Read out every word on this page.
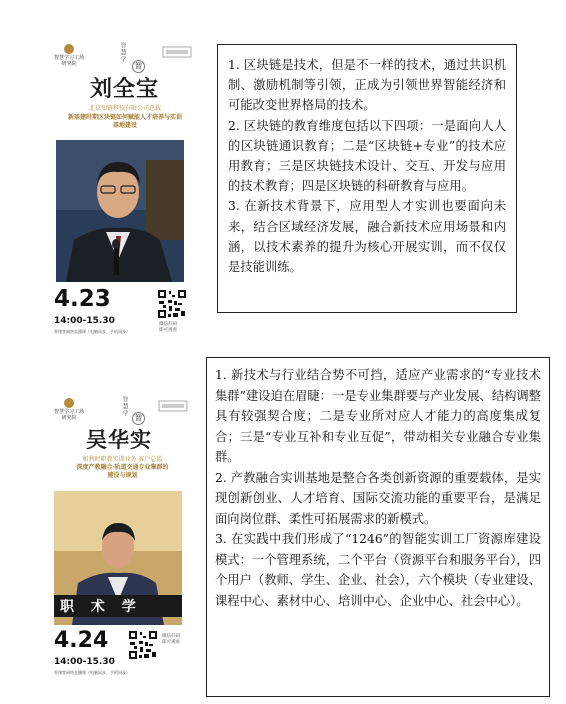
智慧学习工场研究院
智慧学
智
刘全宝
北京知链科技有限公司总裁
新基建时期区块链如何赋能人才培养与实训
基地建设
4.23
14:00-15.30
智课堂网络直播课（电脑同步，手机同步）
微信扫码
即可观看

1. 区块链是技术，但是不一样的技术，通过共识机制、激励机制等引领，正成为引领世界智能经济和可能改变世界格局的技术。

2. 区块链的教育维度包括以下四项：一是面向人人的区块链通识教育；二是“区块链+专业”的技术应用教育；三是区块链技术设计、交互、开发与应用的技术教育；四是区块链的科研教育与应用。

3. 在新技术背景下，应用型人才实训也要面向未来，结合区域经济发展，融合新技术应用场景和内涵，以技术素养的提升为核心开展实训，而不仅仅是技能训练。

智慧学习工场研究院
智慧学
智
吴华实
和利时职教实训业务 客户总监
深度产教融合·轨道交通专业集群的
建设与规划
职 术 学
4.24
14:00-15.30
智课堂网络直播课（电脑同步，手机同步）
微信扫码
即可观看

1. 新技术与行业结合势不可挡，适应产业需求的“专业技术集群”建设迫在眉睫：一是专业集群要与产业发展、结构调整具有较强契合度；二是专业所对应人才能力的高度集成复合；三是“专业互补和专业互促”，带动相关专业融合专业集群。

2. 产教融合实训基地是整合各类创新资源的重要载体，是实现创新创业、人才培育、国际交流功能的重要平台，是满足面向岗位群、柔性可拓展需求的新模式。

3. 在实践中我们形成了“1246”的智能实训工厂资源库建设模式：一个管理系统，二个平台（资源平台和服务平台），四个用户（教师、学生、企业、社会），六个模块（专业建设、课程中心、素材中心、培训中心、企业中心、社会中心）。
